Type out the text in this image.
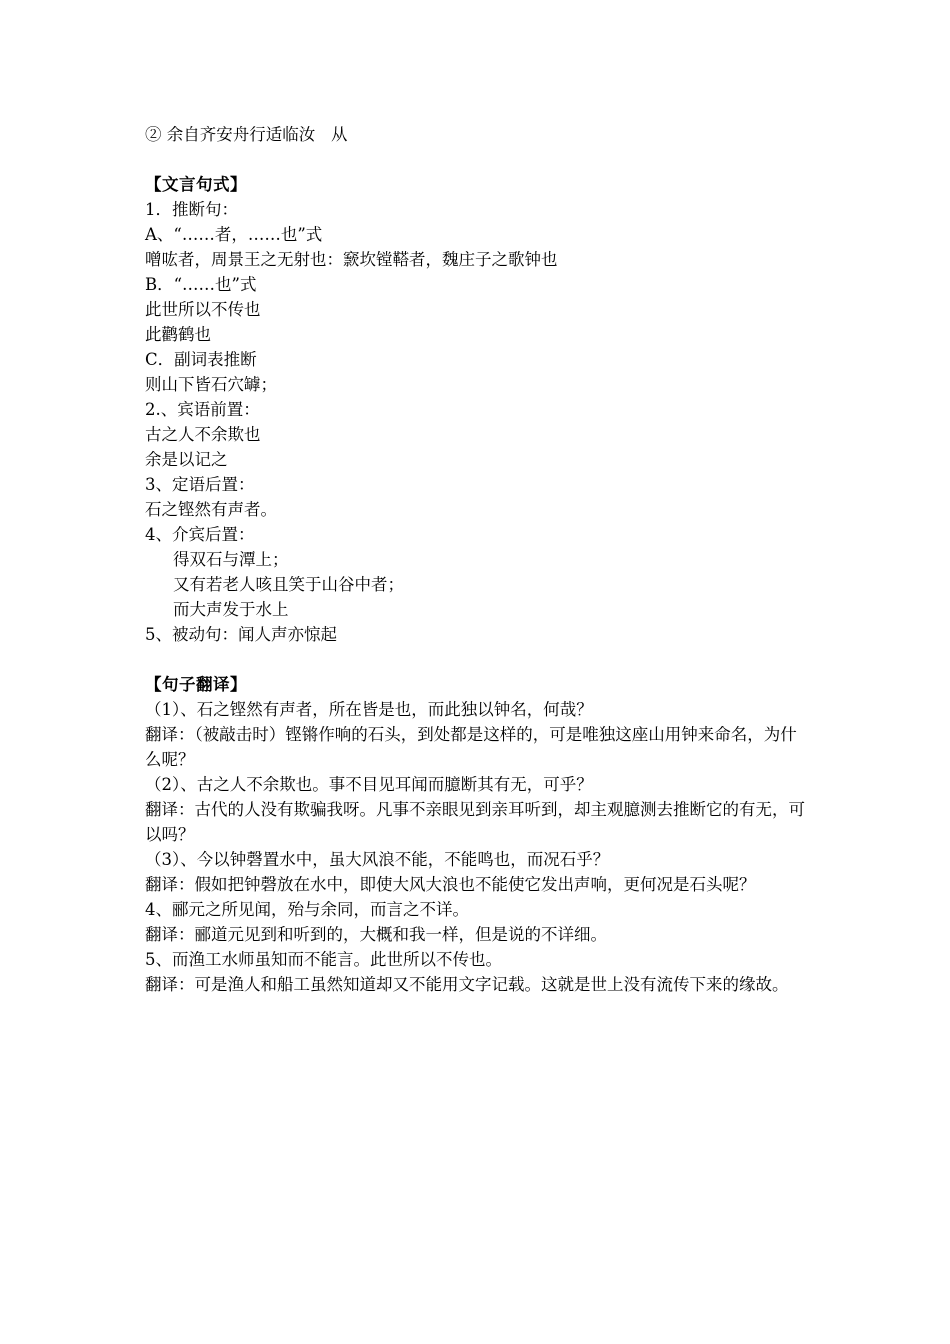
② 余自齐安舟行适临汝   从

【文言句式】

1．推断句：

A、“……者，……也”式

噌吰者，周景王之无射也：窾坎镗鞳者，魏庄子之歌钟也

B．“……也”式

此世所以不传也

此鹳鹤也

C．副词表推断

则山下皆石穴罅；

2.、宾语前置：

古之人不余欺也

余是以记之

3、定语后置：

石之铿然有声者。

4、介宾后置：

得双石与潭上；

又有若老人咳且笑于山谷中者；

而大声发于水上

5、被动句：闻人声亦惊起

【句子翻译】

（1）、石之铿然有声者，所在皆是也，而此独以钟名，何哉？

翻译：（被敲击时）铿锵作响的石头，到处都是这样的，可是唯独这座山用钟来命名，为什么呢？

（2）、古之人不余欺也。事不目见耳闻而臆断其有无，可乎？

翻译：古代的人没有欺骗我呀。凡事不亲眼见到亲耳听到，却主观臆测去推断它的有无，可以吗？

（3）、今以钟磬置水中，虽大风浪不能，不能鸣也，而况石乎？

翻译：假如把钟磬放在水中，即使大风大浪也不能使它发出声响，更何况是石头呢？

4、郦元之所见闻，殆与余同，而言之不详。

翻译：郦道元见到和听到的，大概和我一样，但是说的不详细。

5、而渔工水师虽知而不能言。此世所以不传也。

翻译：可是渔人和船工虽然知道却又不能用文字记载。这就是世上没有流传下来的缘故。
